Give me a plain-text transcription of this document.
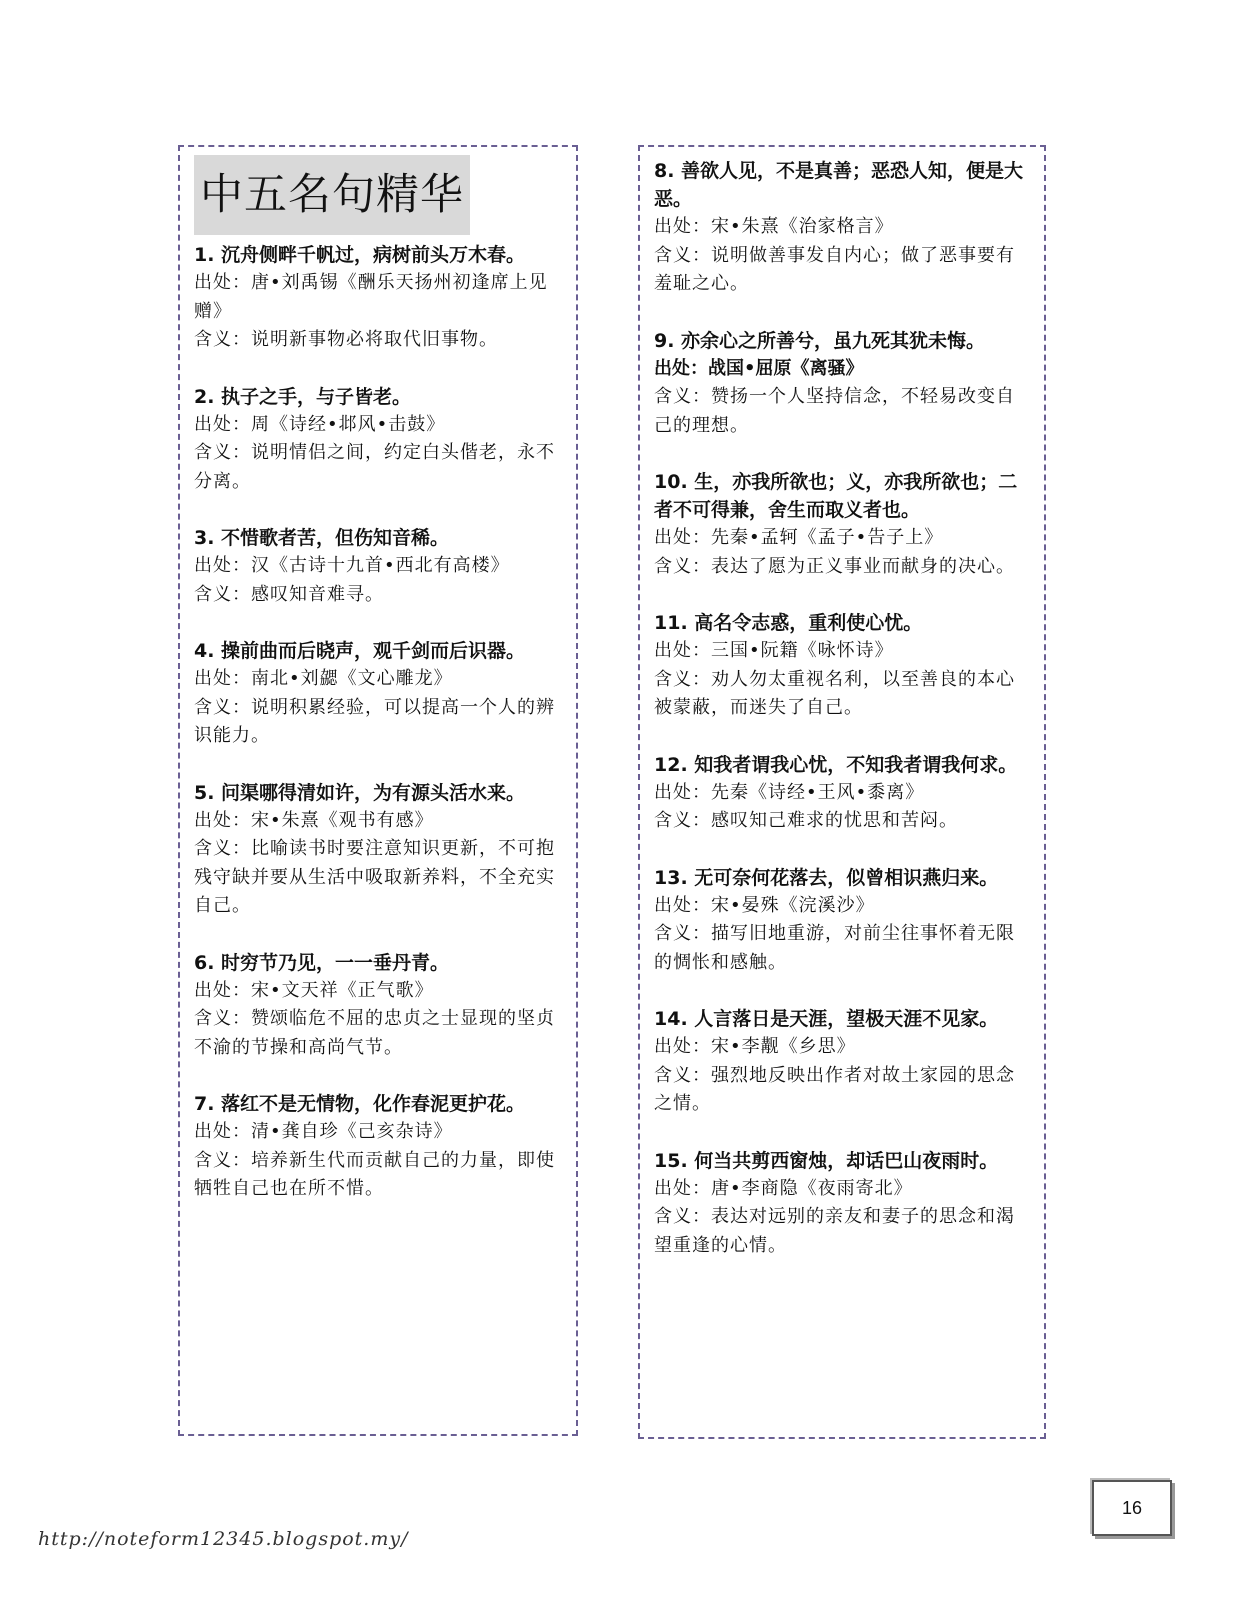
中五名句精华
1. 沉舟侧畔千帆过，病树前头万木春。
出处：唐•刘禹锡《酬乐天扬州初逢席上见赠》
含义：说明新事物必将取代旧事物。
2. 执子之手，与子皆老。
出处：周《诗经•邶风•击鼓》
含义：说明情侣之间，约定白头偕老，永不分离。
3. 不惜歌者苦，但伤知音稀。
出处：汉《古诗十九首•西北有高楼》
含义：感叹知音难寻。
4. 操前曲而后晓声，观千剑而后识器。
出处：南北•刘勰《文心雕龙》
含义：说明积累经验，可以提高一个人的辨识能力。
5. 问渠哪得清如许，为有源头活水来。
出处：宋•朱熹《观书有感》
含义：比喻读书时要注意知识更新，不可抱残守缺并要从生活中吸取新养料，不全充实自己。
6. 时穷节乃见，一一垂丹青。
出处：宋•文天祥《正气歌》
含义：赞颂临危不屈的忠贞之士显现的坚贞不渝的节操和高尚气节。
7. 落红不是无情物，化作春泥更护花。
出处：清•龚自珍《己亥杂诗》
含义：培养新生代而贡献自己的力量，即使牺牲自己也在所不惜。
8. 善欲人见，不是真善；恶恐人知，便是大恶。
出处：宋•朱熹《治家格言》
含义：说明做善事发自内心；做了恶事要有羞耻之心。
9. 亦余心之所善兮，虽九死其犹未悔。
出处：战国•屈原《离骚》
含义：赞扬一个人坚持信念，不轻易改变自己的理想。
10. 生，亦我所欲也；义，亦我所欲也；二者不可得兼，舍生而取义者也。
出处：先秦•孟轲《孟子•告子上》
含义：表达了愿为正义事业而献身的决心。
11. 高名令志惑，重利使心忧。
出处：三国•阮籍《咏怀诗》
含义：劝人勿太重视名利，以至善良的本心被蒙蔽，而迷失了自己。
12. 知我者谓我心忧，不知我者谓我何求。
出处：先秦《诗经•王风•黍离》
含义：感叹知己难求的忧思和苦闷。
13. 无可奈何花落去，似曾相识燕归来。
出处：宋•晏殊《浣溪沙》
含义：描写旧地重游，对前尘往事怀着无限的惆怅和感触。
14. 人言落日是天涯，望极天涯不见家。
出处：宋•李觏《乡思》
含义：强烈地反映出作者对故土家园的思念之情。
15. 何当共剪西窗烛，却话巴山夜雨时。
出处：唐•李商隐《夜雨寄北》
含义：表达对远别的亲友和妻子的思念和渴望重逢的心情。
16
http://noteform12345.blogspot.my/
